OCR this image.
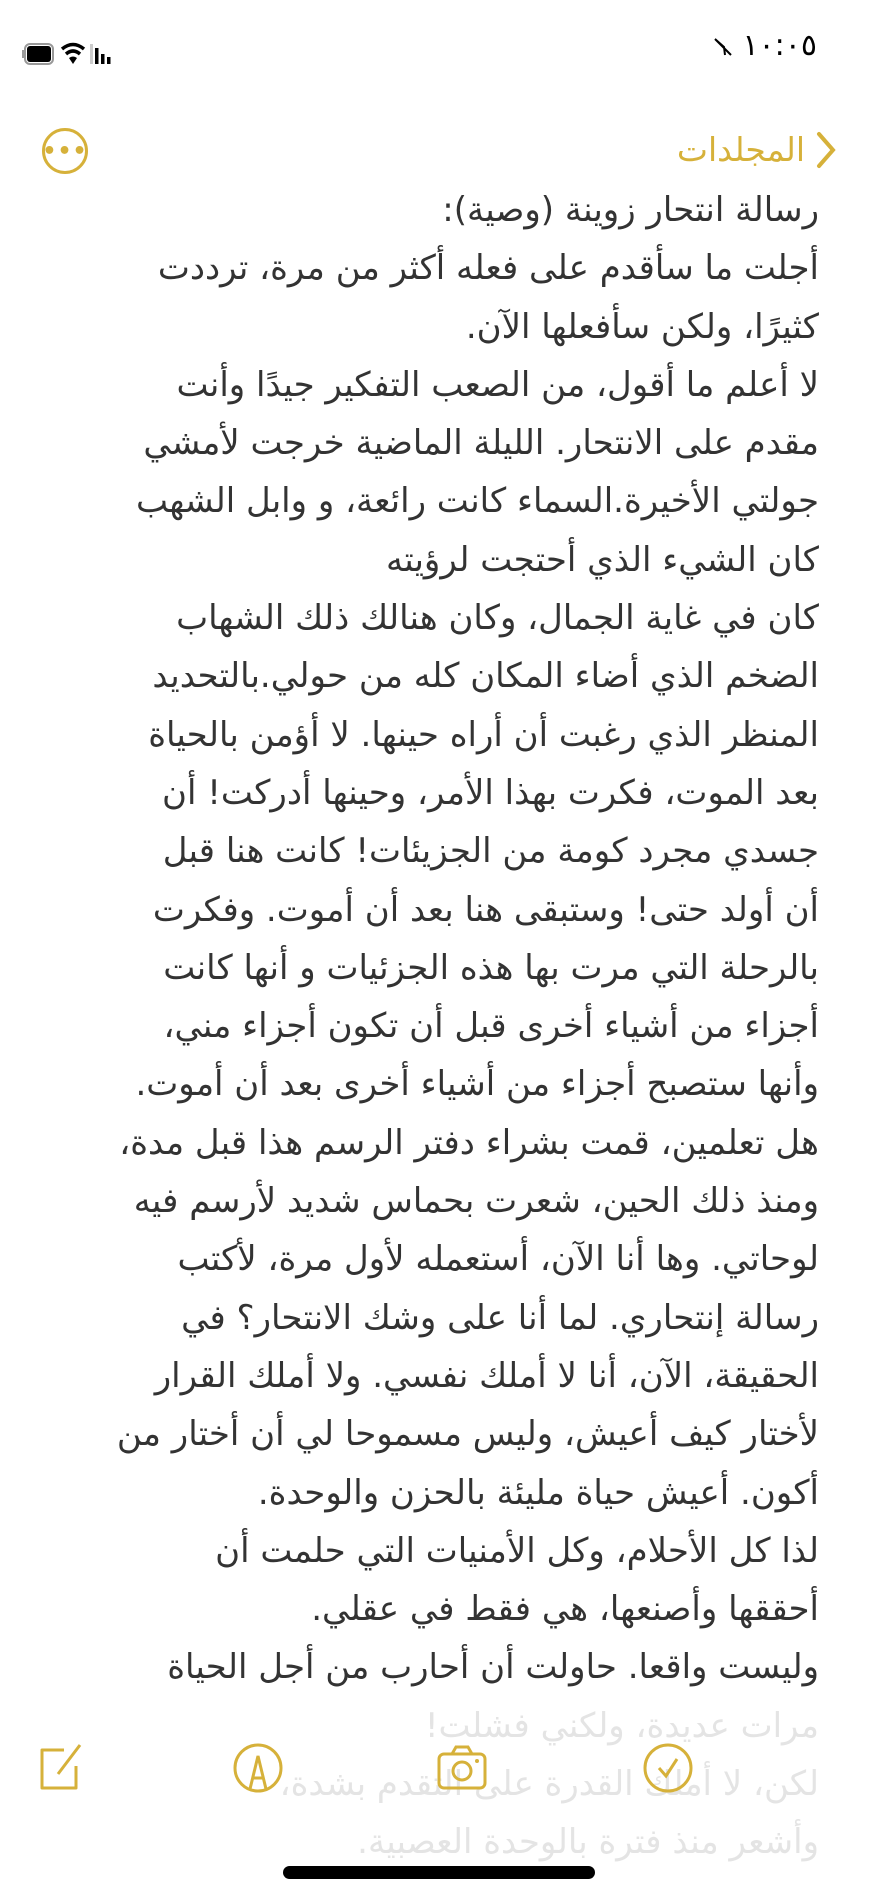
١٠:٠٥
المجلدات
•••
رسالة انتحار زوينة (وصية):
أجلت ما سأقدم على فعله أكثر من مرة، ترددت
كثيرًا، ولكن سأفعلها الآن.
لا أعلم ما أقول، من الصعب التفكير جيدًا وأنت
مقدم على الانتحار. الليلة الماضية خرجت لأمشي
جولتي الأخيرة.السماء كانت رائعة، و وابل الشهب
كان الشيء الذي أحتجت لرؤيته
كان في غاية الجمال، وكان هنالك ذلك الشهاب
الضخم الذي أضاء المكان كله من حولي.بالتحديد
المنظر الذي رغبت أن أراه حينها. لا أؤمن بالحياة
بعد الموت، فكرت بهذا الأمر، وحينها أدركت! أن
جسدي مجرد كومة من الجزيئات! كانت هنا قبل
أن أولد حتى! وستبقى هنا بعد أن أموت. وفكرت
بالرحلة التي مرت بها هذه الجزئيات و أنها كانت
أجزاء من أشياء أخرى قبل أن تكون أجزاء مني،
وأنها ستصبح أجزاء من أشياء أخرى بعد أن أموت.
هل تعلمين، قمت بشراء دفتر الرسم هذا قبل مدة،
ومنذ ذلك الحين، شعرت بحماس شديد لأرسم فيه
لوحاتي. وها أنا الآن، أستعمله لأول مرة، لأكتب
رسالة إنتحاري. لما أنا على وشك الانتحار؟ في
الحقيقة، الآن، أنا لا أملك نفسي. ولا أملك القرار
لأختار كيف أعيش، وليس مسموحا لي أن أختار من
أكون. أعيش حياة مليئة بالحزن والوحدة.
لذا كل الأحلام، وكل الأمنيات التي حلمت أن
أحققها وأصنعها، هي فقط في عقلي.
وليست واقعا. حاولت أن أحارب من أجل الحياة
مرات عديدة، ولكني فشلت!
لكن، لا أملك القدرة على التقدم بشدة،
وأشعر منذ فترة بالوحدة العصبية.
